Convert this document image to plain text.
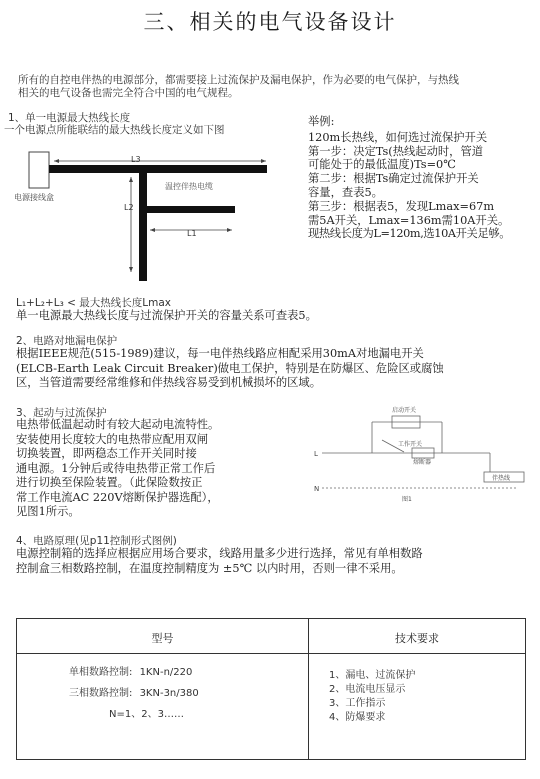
三、相关的电气设备设计
所有的自控电伴热的电源部分，都需要接上过流保护及漏电保护，作为必要的电气保护，与热线
相关的电气设备也需完全符合中国的电气规程。
1、单一电源最大热线长度
一个电源点所能联结的最大热线长度定义如下图
电源接线盒
L3
温控伴热电缆
L2
L1
举例:
120m长热线，如何选过流保护开关
第一步：决定Ts(热线起动时，管道
可能处于的最低温度)Ts=0℃
第二步：根据Ts确定过流保护开关
容量，查表5。
第三步：根据表5，发现Lmax=67m
需5A开关，Lmax=136m需10A开关。
现热线长度为L=120m,选10A开关足够。
L₁+L₂+L₃ < 最大热线长度Lmax
单一电源最大热线长度与过流保护开关的容量关系可查表5。
2、电路对地漏电保护
根据IEEE规范(515-1989)建议，每一电伴热线路应相配采用30mA对地漏电开关
(ELCB-Earth Leak Circuit Breaker)做电工保护，特别是在防爆区、危险区或腐蚀
区，当管道需要经常维修和伴热线容易受到机械损坏的区域。
3、起动与过流保护
电热带低温起动时有较大起动电流特性。
安装使用长度较大的电热带应配用双闸
切换装置，即两稳态工作开关同时接
通电源。1分钟后或待电热带正常工作后
进行切换至保险装置。（此保险数按正
常工作电流AC 220V熔断保护器选配），
见图1所示。
L
N
启动开关
工作开关
熔断器
伴热线
图1
4、电路原理(见p11控制形式图例)
电源控制箱的选择应根据应用场合要求，线路用量多少进行选择，常见有单相数路
控制盒三相数路控制，在温度控制精度为 ±5℃ 以内时用，否则一律不采用。
型号	技术要求
单相数路控制: 1KN-n/220
三相数路控制: 3KN-3n/380
N=1、2、3……
1、漏电、过流保护
2、电流电压显示
3、工作指示
4、防爆要求
